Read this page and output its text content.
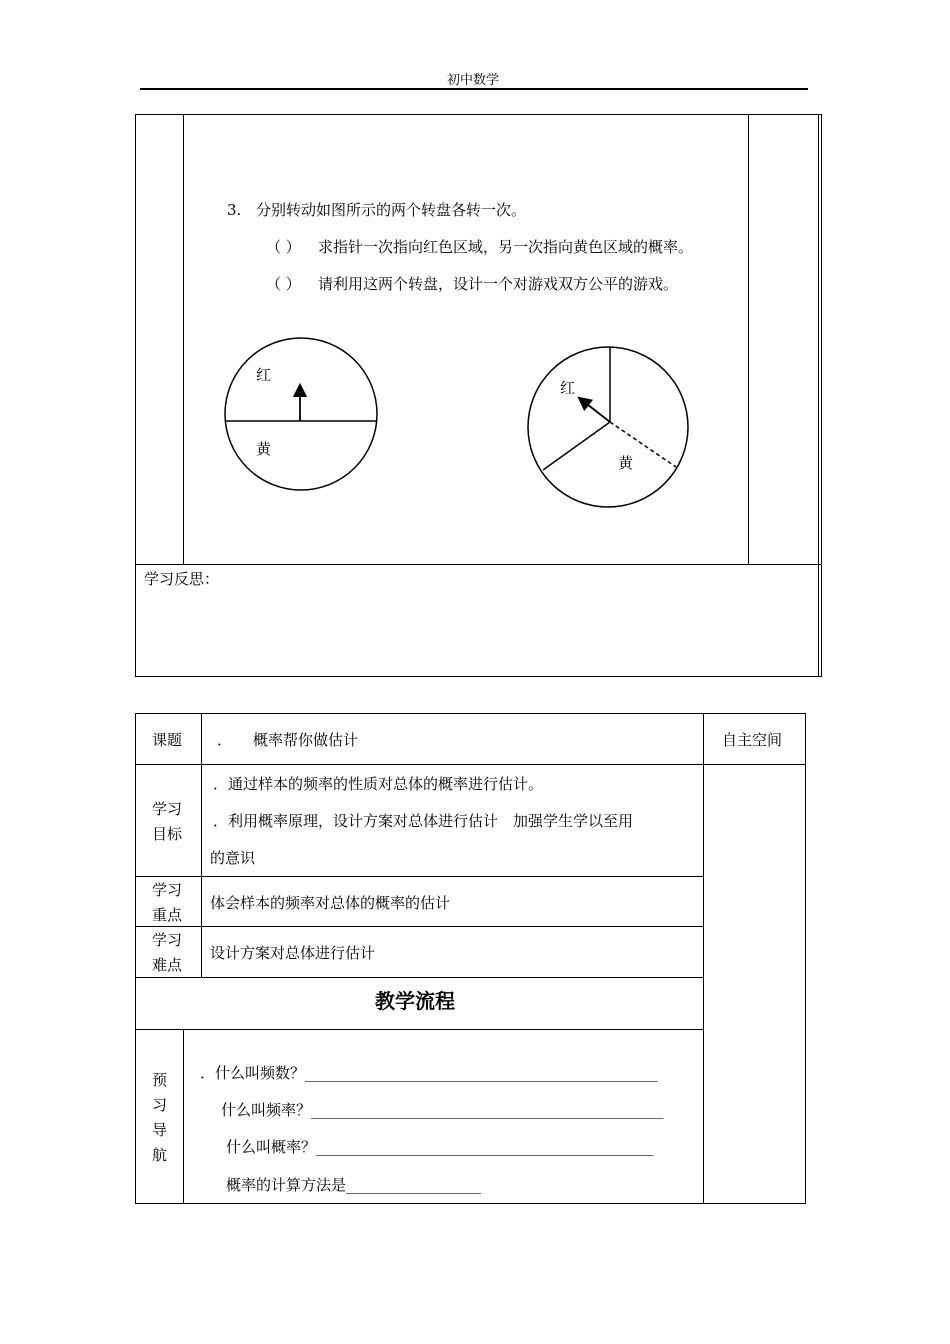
初中数学
3. 分别转动如图所示的两个转盘各转一次。
（ ） 求指针一次指向红色区域，另一次指向黄色区域的概率。
（ ） 请利用这两个转盘，设计一个对游戏双方公平的游戏。
红
黄
红
黄
学习反思：
课题 ． 概率帮你做估计	自主空间
学习
目标
．通过样本的频率的性质对总体的概率进行估计。
．利用概率原理，设计方案对总体进行估计　加强学生学以至用
的意识
学习
重点
体会样本的频率对总体的概率的估计
学习
难点
设计方案对总体进行估计
教学流程
预
习
导
航
．什么叫频数？_______________________________________________
什么叫频率？_______________________________________________
什么叫概率？_____________________________________________
概率的计算方法是__________________
